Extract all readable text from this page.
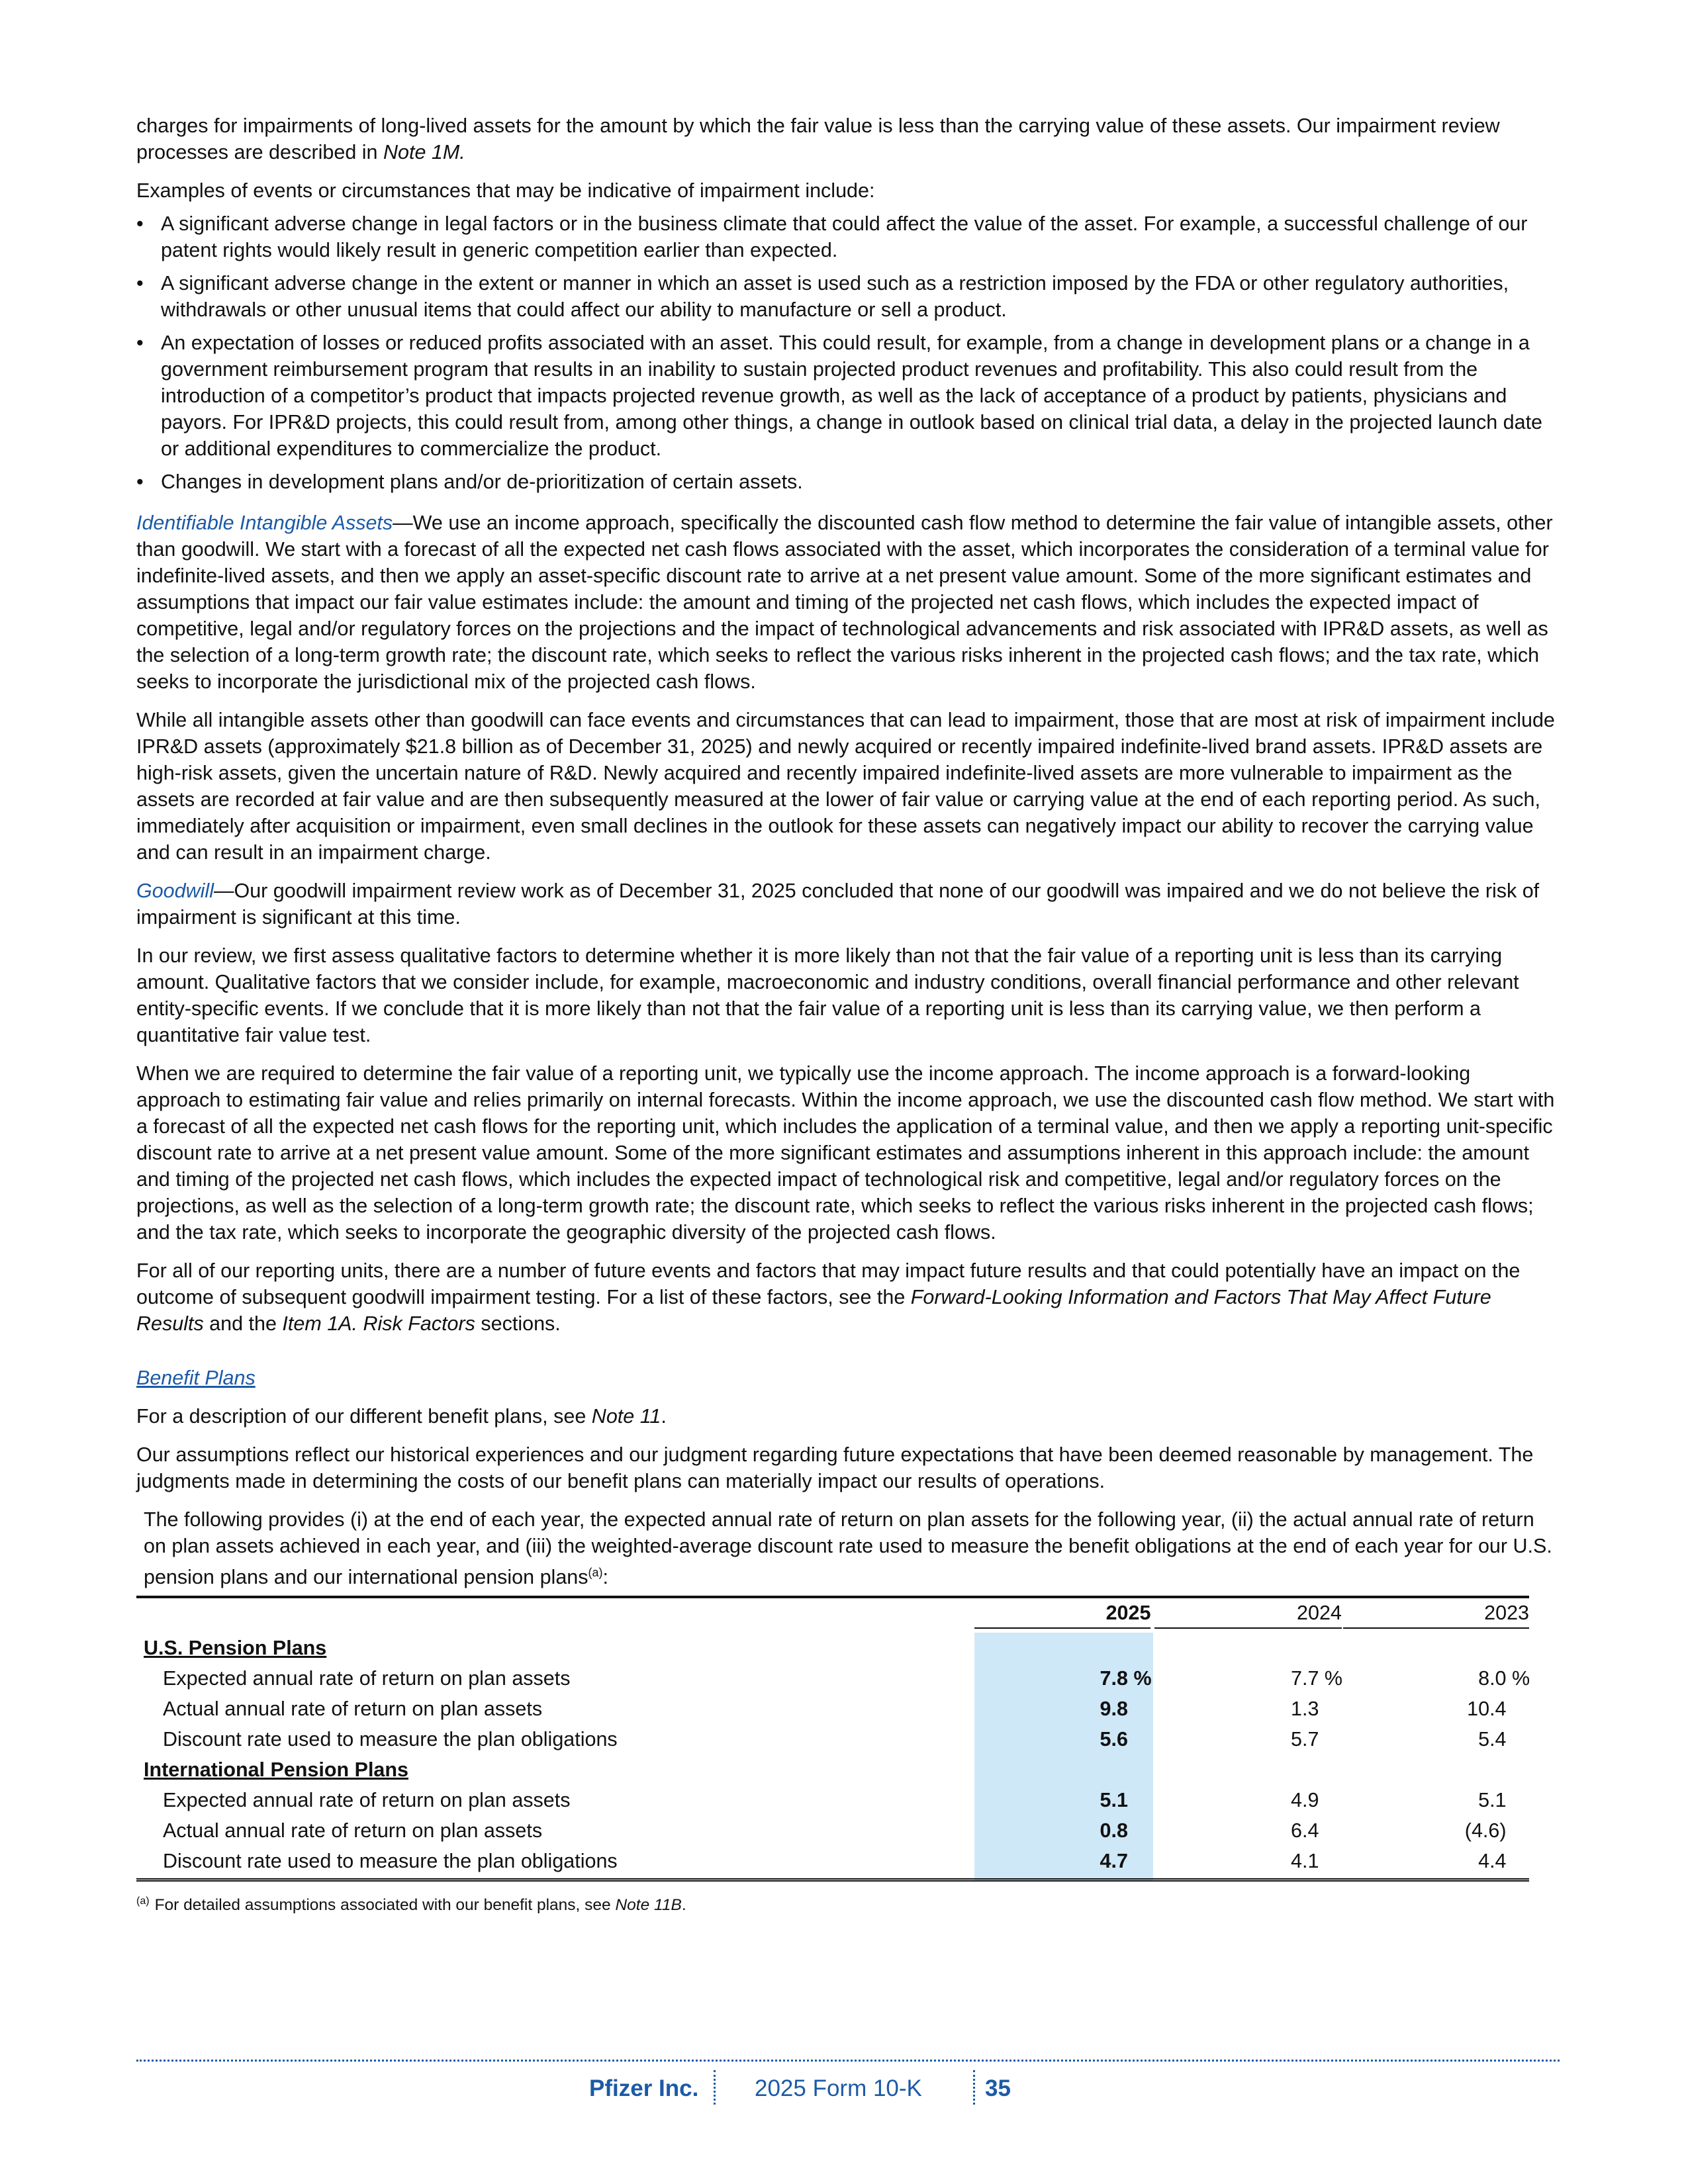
charges for impairments of long-lived assets for the amount by which the fair value is less than the carrying value of these assets. Our impairment review processes are described in Note 1M.

Examples of events or circumstances that may be indicative of impairment include:

• A significant adverse change in legal factors or in the business climate that could affect the value of the asset. For example, a successful challenge of our patent rights would likely result in generic competition earlier than expected.
• A significant adverse change in the extent or manner in which an asset is used such as a restriction imposed by the FDA or other regulatory authorities, withdrawals or other unusual items that could affect our ability to manufacture or sell a product.
• An expectation of losses or reduced profits associated with an asset. This could result, for example, from a change in development plans or a change in a government reimbursement program that results in an inability to sustain projected product revenues and profitability. This also could result from the introduction of a competitor’s product that impacts projected revenue growth, as well as the lack of acceptance of a product by patients, physicians and payors. For IPR&D projects, this could result from, among other things, a change in outlook based on clinical trial data, a delay in the projected launch date or additional expenditures to commercialize the product.
• Changes in development plans and/or de-prioritization of certain assets.

Identifiable Intangible Assets—We use an income approach, specifically the discounted cash flow method to determine the fair value of intangible assets, other than goodwill. We start with a forecast of all the expected net cash flows associated with the asset, which incorporates the consideration of a terminal value for indefinite-lived assets, and then we apply an asset-specific discount rate to arrive at a net present value amount. Some of the more significant estimates and assumptions that impact our fair value estimates include: the amount and timing of the projected net cash flows, which includes the expected impact of competitive, legal and/or regulatory forces on the projections and the impact of technological advancements and risk associated with IPR&D assets, as well as the selection of a long-term growth rate; the discount rate, which seeks to reflect the various risks inherent in the projected cash flows; and the tax rate, which seeks to incorporate the jurisdictional mix of the projected cash flows.

While all intangible assets other than goodwill can face events and circumstances that can lead to impairment, those that are most at risk of impairment include IPR&D assets (approximately $21.8 billion as of December 31, 2025) and newly acquired or recently impaired indefinite-lived brand assets. IPR&D assets are high-risk assets, given the uncertain nature of R&D. Newly acquired and recently impaired indefinite-lived assets are more vulnerable to impairment as the assets are recorded at fair value and are then subsequently measured at the lower of fair value or carrying value at the end of each reporting period. As such, immediately after acquisition or impairment, even small declines in the outlook for these assets can negatively impact our ability to recover the carrying value and can result in an impairment charge.

Goodwill—Our goodwill impairment review work as of December 31, 2025 concluded that none of our goodwill was impaired and we do not believe the risk of impairment is significant at this time.

In our review, we first assess qualitative factors to determine whether it is more likely than not that the fair value of a reporting unit is less than its carrying amount. Qualitative factors that we consider include, for example, macroeconomic and industry conditions, overall financial performance and other relevant entity-specific events. If we conclude that it is more likely than not that the fair value of a reporting unit is less than its carrying value, we then perform a quantitative fair value test.

When we are required to determine the fair value of a reporting unit, we typically use the income approach. The income approach is a forward-looking approach to estimating fair value and relies primarily on internal forecasts. Within the income approach, we use the discounted cash flow method. We start with a forecast of all the expected net cash flows for the reporting unit, which includes the application of a terminal value, and then we apply a reporting unit-specific discount rate to arrive at a net present value amount. Some of the more significant estimates and assumptions inherent in this approach include: the amount and timing of the projected net cash flows, which includes the expected impact of technological risk and competitive, legal and/or regulatory forces on the projections, as well as the selection of a long-term growth rate; the discount rate, which seeks to reflect the various risks inherent in the projected cash flows; and the tax rate, which seeks to incorporate the geographic diversity of the projected cash flows.

For all of our reporting units, there are a number of future events and factors that may impact future results and that could potentially have an impact on the outcome of subsequent goodwill impairment testing. For a list of these factors, see the Forward-Looking Information and Factors That May Affect Future Results and the Item 1A. Risk Factors sections.

Benefit Plans

For a description of our different benefit plans, see Note 11.

Our assumptions reflect our historical experiences and our judgment regarding future expectations that have been deemed reasonable by management. The judgments made in determining the costs of our benefit plans can materially impact our results of operations.

The following provides (i) at the end of each year, the expected annual rate of return on plan assets for the following year, (ii) the actual annual rate of return on plan assets achieved in each year, and (iii) the weighted-average discount rate used to measure the benefit obligations at the end of each year for our U.S. pension plans and our international pension plans$^{(a)}$:

	2025		2024		2023

U.S. Pension Plans					
Expected annual rate of return on plan assets	7.8 %		7.7 %		8.0 %
Actual annual rate of return on plan assets	9.8		1.3		10.4
Discount rate used to measure the plan obligations	5.6		5.7		5.4
International Pension Plans					
Expected annual rate of return on plan assets	5.1		4.9		5.1
Actual annual rate of return on plan assets	0.8		6.4		(4.6)
Discount rate used to measure the plan obligations	4.7		4.1		4.4
$^{(a)}$ For detailed assumptions associated with our benefit plans, see Note 11B.
Pfizer Inc. 2025 Form 10-K	35
